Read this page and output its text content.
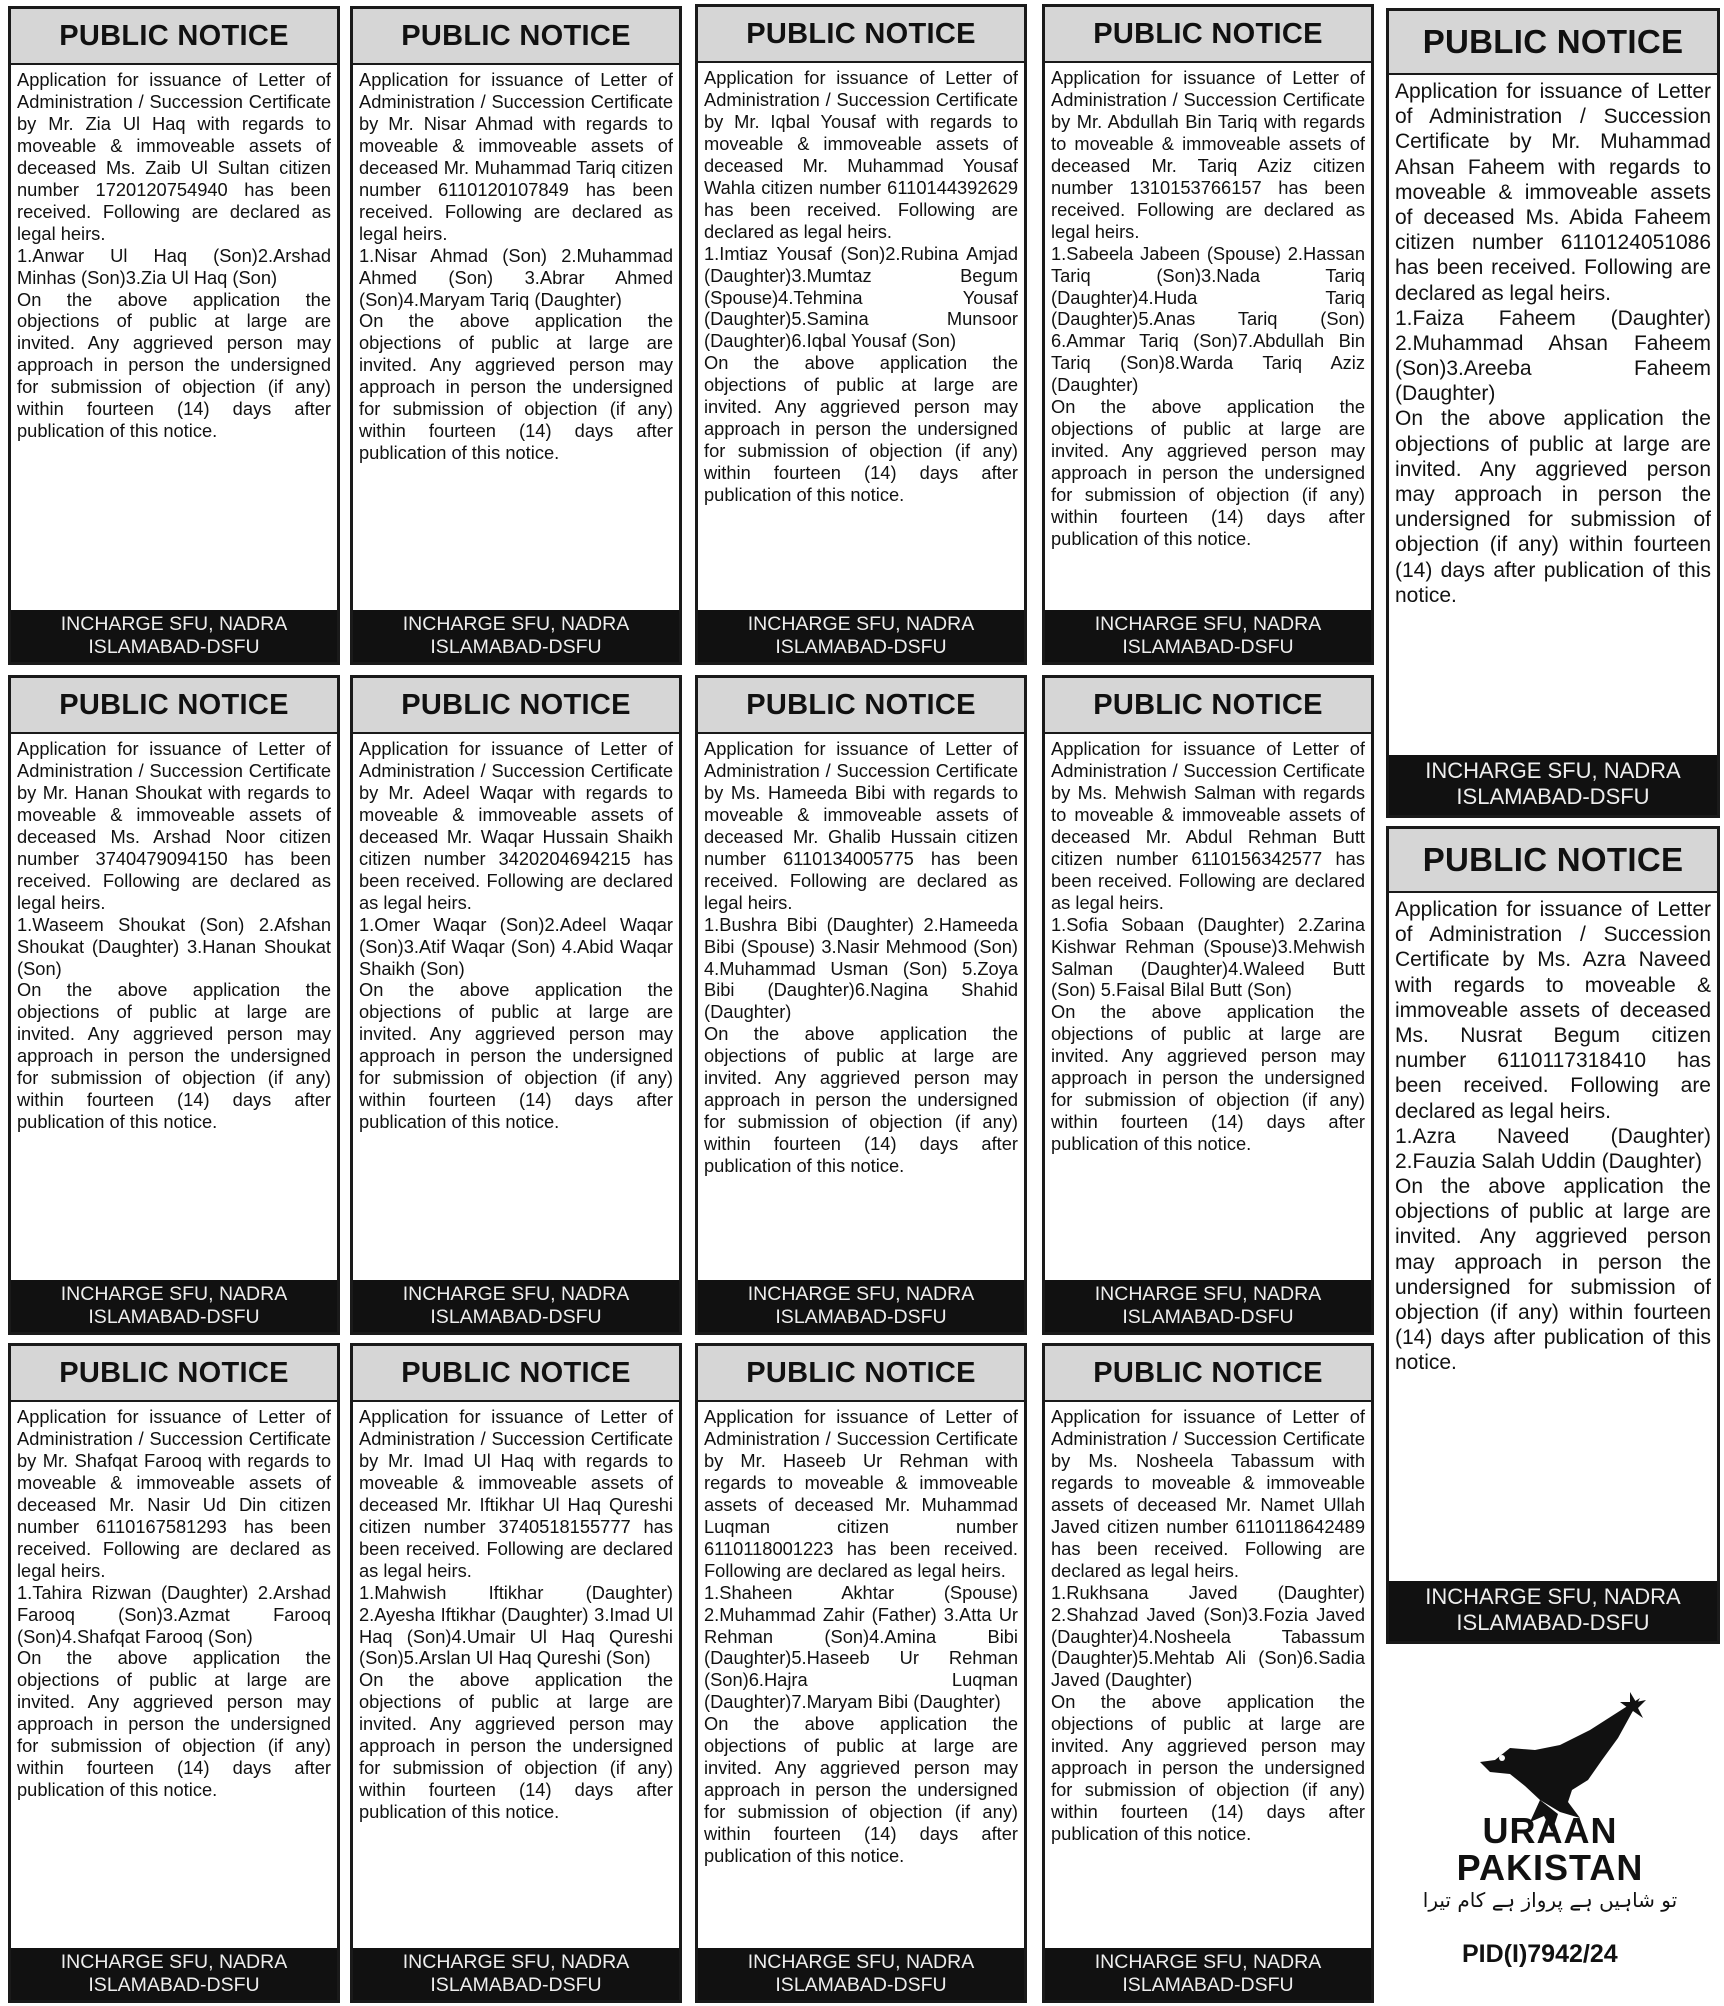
PUBLIC NOTICE

Application for issuance of Letter of Administration / Succession Certificate by Mr. Zia Ul Haq with regards to moveable & immoveable assets of deceased Ms. Zaib Ul Sultan citizen number 1720120754940 has been received. Following are declared as legal heirs.

1.Anwar Ul Haq (Son)2.Arshad Minhas (Son)3.Zia Ul Haq (Son)

On the above application the objections of public at large are invited. Any aggrieved person may approach in person the undersigned for submission of objection (if any) within fourteen (14) days after publication of this notice.

INCHARGE SFU, NADRA
ISLAMABAD-DSFU
PUBLIC NOTICE

Application for issuance of Letter of Administration / Succession Certificate by Mr. Nisar Ahmad with regards to moveable & immoveable assets of deceased Mr. Muhammad Tariq citizen number 6110120107849 has been received. Following are declared as legal heirs.

1.Nisar Ahmad (Son) 2.Muhammad Ahmed (Son) 3.Abrar Ahmed (Son)4.Maryam Tariq (Daughter)

On the above application the objections of public at large are invited. Any aggrieved person may approach in person the undersigned for submission of objection (if any) within fourteen (14) days after publication of this notice.

INCHARGE SFU, NADRA
ISLAMABAD-DSFU
PUBLIC NOTICE

Application for issuance of Letter of Administration / Succession Certificate by Mr. Iqbal Yousaf with regards to moveable & immoveable assets of deceased Mr. Muhammad Yousaf Wahla citizen number 6110144392629 has been received. Following are declared as legal heirs.

1.Imtiaz Yousaf (Son)2.Rubina Amjad (Daughter)3.Mumtaz Begum (Spouse)4.Tehmina Yousaf (Daughter)5.Samina Munsoor (Daughter)6.Iqbal Yousaf (Son)

On the above application the objections of public at large are invited. Any aggrieved person may approach in person the undersigned for submission of objection (if any) within fourteen (14) days after publication of this notice.

INCHARGE SFU, NADRA
ISLAMABAD-DSFU
PUBLIC NOTICE

Application for issuance of Letter of Administration / Succession Certificate by Mr. Abdullah Bin Tariq with regards to moveable & immoveable assets of deceased Mr. Tariq Aziz citizen number 1310153766157 has been received. Following are declared as legal heirs.

1.Sabeela Jabeen (Spouse) 2.Hassan Tariq (Son)3.Nada Tariq (Daughter)4.Huda Tariq (Daughter)5.Anas Tariq (Son) 6.Ammar Tariq (Son)7.Abdullah Bin Tariq (Son)8.Warda Tariq Aziz (Daughter)

On the above application the objections of public at large are invited. Any aggrieved person may approach in person the undersigned for submission of objection (if any) within fourteen (14) days after publication of this notice.

INCHARGE SFU, NADRA
ISLAMABAD-DSFU
PUBLIC NOTICE

Application for issuance of Letter of Administration / Succession Certificate by Mr. Muhammad Ahsan Faheem with regards to moveable & immoveable assets of deceased Ms. Abida Faheem citizen number 6110124051086 has been received. Following are declared as legal heirs.

1.Faiza Faheem (Daughter) 2.Muhammad Ahsan Faheem (Son)3.Areeba Faheem (Daughter)

On the above application the objections of public at large are invited. Any aggrieved person may approach in person the undersigned for submission of objection (if any) within fourteen (14) days after publication of this notice.

INCHARGE SFU, NADRA
ISLAMABAD-DSFU
PUBLIC NOTICE

Application for issuance of Letter of Administration / Succession Certificate by Mr. Hanan Shoukat with regards to moveable & immoveable assets of deceased Ms. Arshad Noor citizen number 3740479094150 has been received. Following are declared as legal heirs.

1.Waseem Shoukat (Son) 2.Afshan Shoukat (Daughter) 3.Hanan Shoukat (Son)

On the above application the objections of public at large are invited. Any aggrieved person may approach in person the undersigned for submission of objection (if any) within fourteen (14) days after publication of this notice.

INCHARGE SFU, NADRA
ISLAMABAD-DSFU
PUBLIC NOTICE

Application for issuance of Letter of Administration / Succession Certificate by Mr. Adeel Waqar with regards to moveable & immoveable assets of deceased Mr. Waqar Hussain Shaikh citizen number 3420204694215 has been received. Following are declared as legal heirs.

1.Omer Waqar (Son)2.Adeel Waqar (Son)3.Atif Waqar (Son) 4.Abid Waqar Shaikh (Son)

On the above application the objections of public at large are invited. Any aggrieved person may approach in person the undersigned for submission of objection (if any) within fourteen (14) days after publication of this notice.

INCHARGE SFU, NADRA
ISLAMABAD-DSFU
PUBLIC NOTICE

Application for issuance of Letter of Administration / Succession Certificate by Ms. Hameeda Bibi with regards to moveable & immoveable assets of deceased Mr. Ghalib Hussain citizen number 6110134005775 has been received. Following are declared as legal heirs.

1.Bushra Bibi (Daughter) 2.Hameeda Bibi (Spouse) 3.Nasir Mehmood (Son) 4.Muhammad Usman (Son) 5.Zoya Bibi (Daughter)6.Nagina Shahid (Daughter)

On the above application the objections of public at large are invited. Any aggrieved person may approach in person the undersigned for submission of objection (if any) within fourteen (14) days after publication of this notice.

INCHARGE SFU, NADRA
ISLAMABAD-DSFU
PUBLIC NOTICE

Application for issuance of Letter of Administration / Succession Certificate by Ms. Mehwish Salman with regards to moveable & immoveable assets of deceased Mr. Abdul Rehman Butt citizen number 6110156342577 has been received. Following are declared as legal heirs.

1.Sofia Sobaan (Daughter) 2.Zarina Kishwar Rehman (Spouse)3.Mehwish Salman (Daughter)4.Waleed Butt (Son) 5.Faisal Bilal Butt (Son)

On the above application the objections of public at large are invited. Any aggrieved person may approach in person the undersigned for submission of objection (if any) within fourteen (14) days after publication of this notice.

INCHARGE SFU, NADRA
ISLAMABAD-DSFU
PUBLIC NOTICE

Application for issuance of Letter of Administration / Succession Certificate by Ms. Azra Naveed with regards to moveable & immoveable assets of deceased Ms. Nusrat Begum citizen number 6110117318410 has been received. Following are declared as legal heirs.

1.Azra Naveed (Daughter) 2.Fauzia Salah Uddin (Daughter)

On the above application the objections of public at large are invited. Any aggrieved person may approach in person the undersigned for submission of objection (if any) within fourteen (14) days after publication of this notice.

INCHARGE SFU, NADRA
ISLAMABAD-DSFU
PUBLIC NOTICE

Application for issuance of Letter of Administration / Succession Certificate by Mr. Shafqat Farooq with regards to moveable & immoveable assets of deceased Mr. Nasir Ud Din citizen number 6110167581293 has been received. Following are declared as legal heirs.

1.Tahira Rizwan (Daughter) 2.Arshad Farooq (Son)3.Azmat Farooq (Son)4.Shafqat Farooq (Son)

On the above application the objections of public at large are invited. Any aggrieved person may approach in person the undersigned for submission of objection (if any) within fourteen (14) days after publication of this notice.

INCHARGE SFU, NADRA
ISLAMABAD-DSFU
PUBLIC NOTICE

Application for issuance of Letter of Administration / Succession Certificate by Mr. Imad Ul Haq with regards to moveable & immoveable assets of deceased Mr. Iftikhar Ul Haq Qureshi citizen number 3740518155777 has been received. Following are declared as legal heirs.

1.Mahwish Iftikhar (Daughter) 2.Ayesha Iftikhar (Daughter) 3.Imad Ul Haq (Son)4.Umair Ul Haq Qureshi (Son)5.Arslan Ul Haq Qureshi (Son)

On the above application the objections of public at large are invited. Any aggrieved person may approach in person the undersigned for submission of objection (if any) within fourteen (14) days after publication of this notice.

INCHARGE SFU, NADRA
ISLAMABAD-DSFU
PUBLIC NOTICE

Application for issuance of Letter of Administration / Succession Certificate by Mr. Haseeb Ur Rehman with regards to moveable & immoveable assets of deceased Mr. Muhammad Luqman citizen number 6110118001223 has been received. Following are declared as legal heirs.

1.Shaheen Akhtar (Spouse) 2.Muhammad Zahir (Father) 3.Atta Ur Rehman (Son)4.Amina Bibi (Daughter)5.Haseeb Ur Rehman (Son)6.Hajra Luqman (Daughter)7.Maryam Bibi (Daughter)

On the above application the objections of public at large are invited. Any aggrieved person may approach in person the undersigned for submission of objection (if any) within fourteen (14) days after publication of this notice.

INCHARGE SFU, NADRA
ISLAMABAD-DSFU
PUBLIC NOTICE

Application for issuance of Letter of Administration / Succession Certificate by Ms. Nosheela Tabassum with regards to moveable & immoveable assets of deceased Mr. Namet Ullah Javed citizen number 6110118642489 has been received. Following are declared as legal heirs.

1.Rukhsana Javed (Daughter) 2.Shahzad Javed (Son)3.Fozia Javed (Daughter)4.Nosheela Tabassum (Daughter)5.Mehtab Ali (Son)6.Sadia Javed (Daughter)

On the above application the objections of public at large are invited. Any aggrieved person may approach in person the undersigned for submission of objection (if any) within fourteen (14) days after publication of this notice.

INCHARGE SFU, NADRA
ISLAMABAD-DSFU
URAAN
PAKISTAN
تو شاہیں ہے پرواز ہے کام تیرا
PID(I)7942/24
